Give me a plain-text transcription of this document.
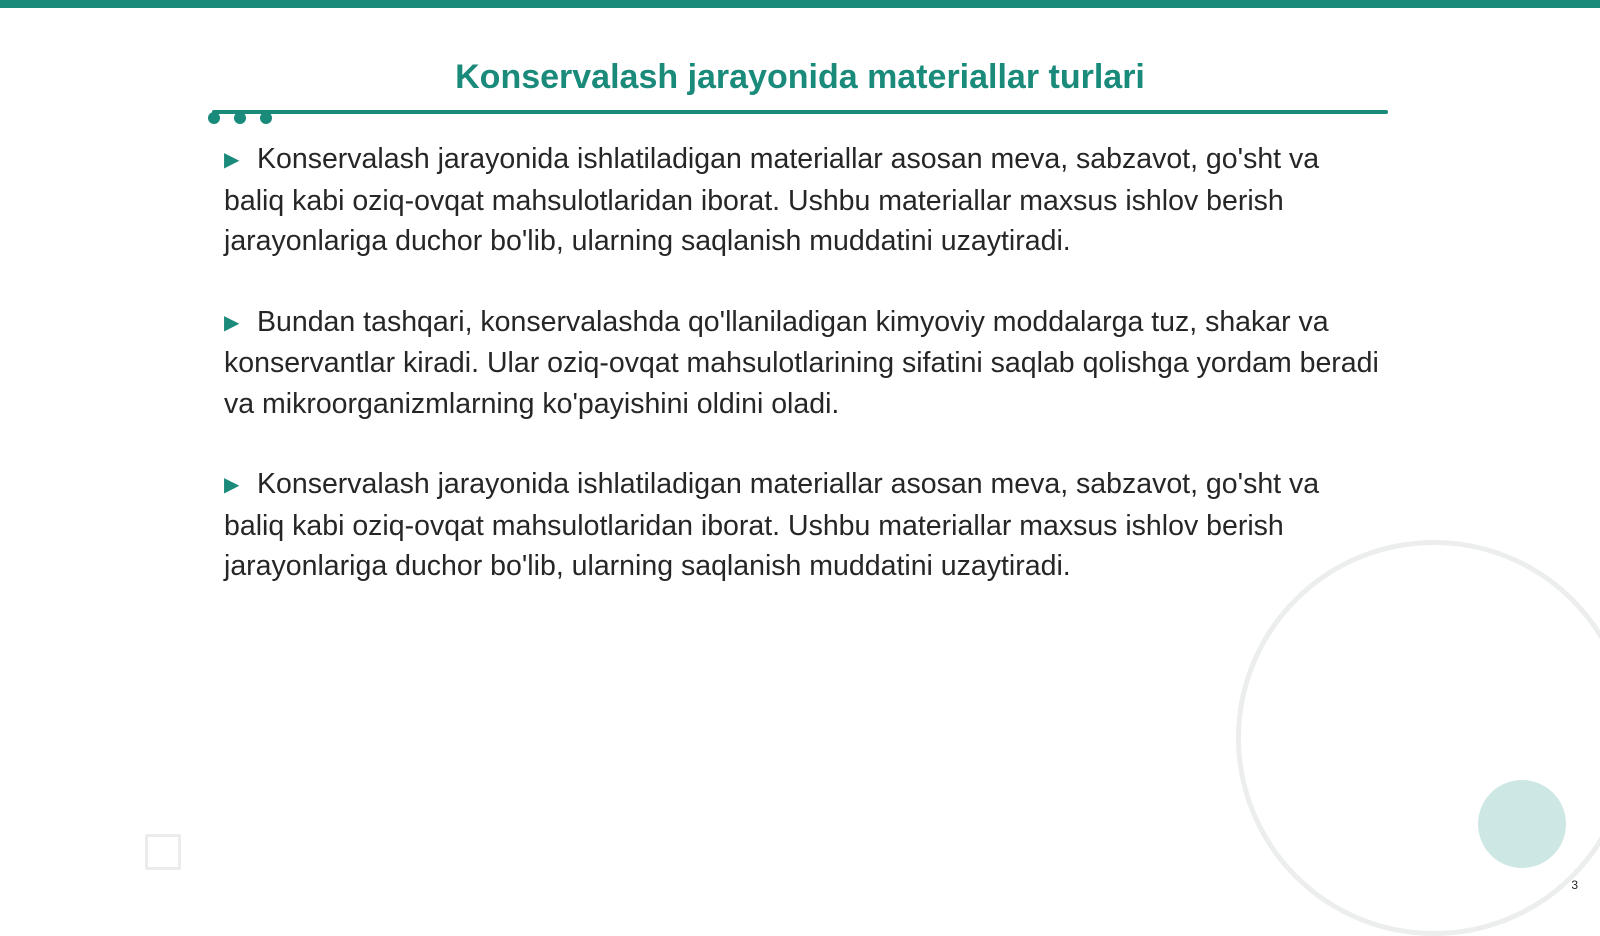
Konservalash jarayonida materiallar turlari
▶ Konservalash jarayonida ishlatiladigan materiallar asosan meva, sabzavot, go'sht va baliq kabi oziq-ovqat mahsulotlaridan iborat. Ushbu materiallar maxsus ishlov berish jarayonlariga duchor bo'lib, ularning saqlanish muddatini uzaytiradi.
▶ Bundan tashqari, konservalashda qo'llaniladigan kimyoviy moddalarga tuz, shakar va konservantlar kiradi. Ular oziq-ovqat mahsulotlarining sifatini saqlab qolishga yordam beradi va mikroorganizmlarning ko'payishini oldini oladi.
▶ Konservalash jarayonida ishlatiladigan materiallar asosan meva, sabzavot, go'sht va baliq kabi oziq-ovqat mahsulotlaridan iborat. Ushbu materiallar maxsus ishlov berish jarayonlariga duchor bo'lib, ularning saqlanish muddatini uzaytiradi.
3
